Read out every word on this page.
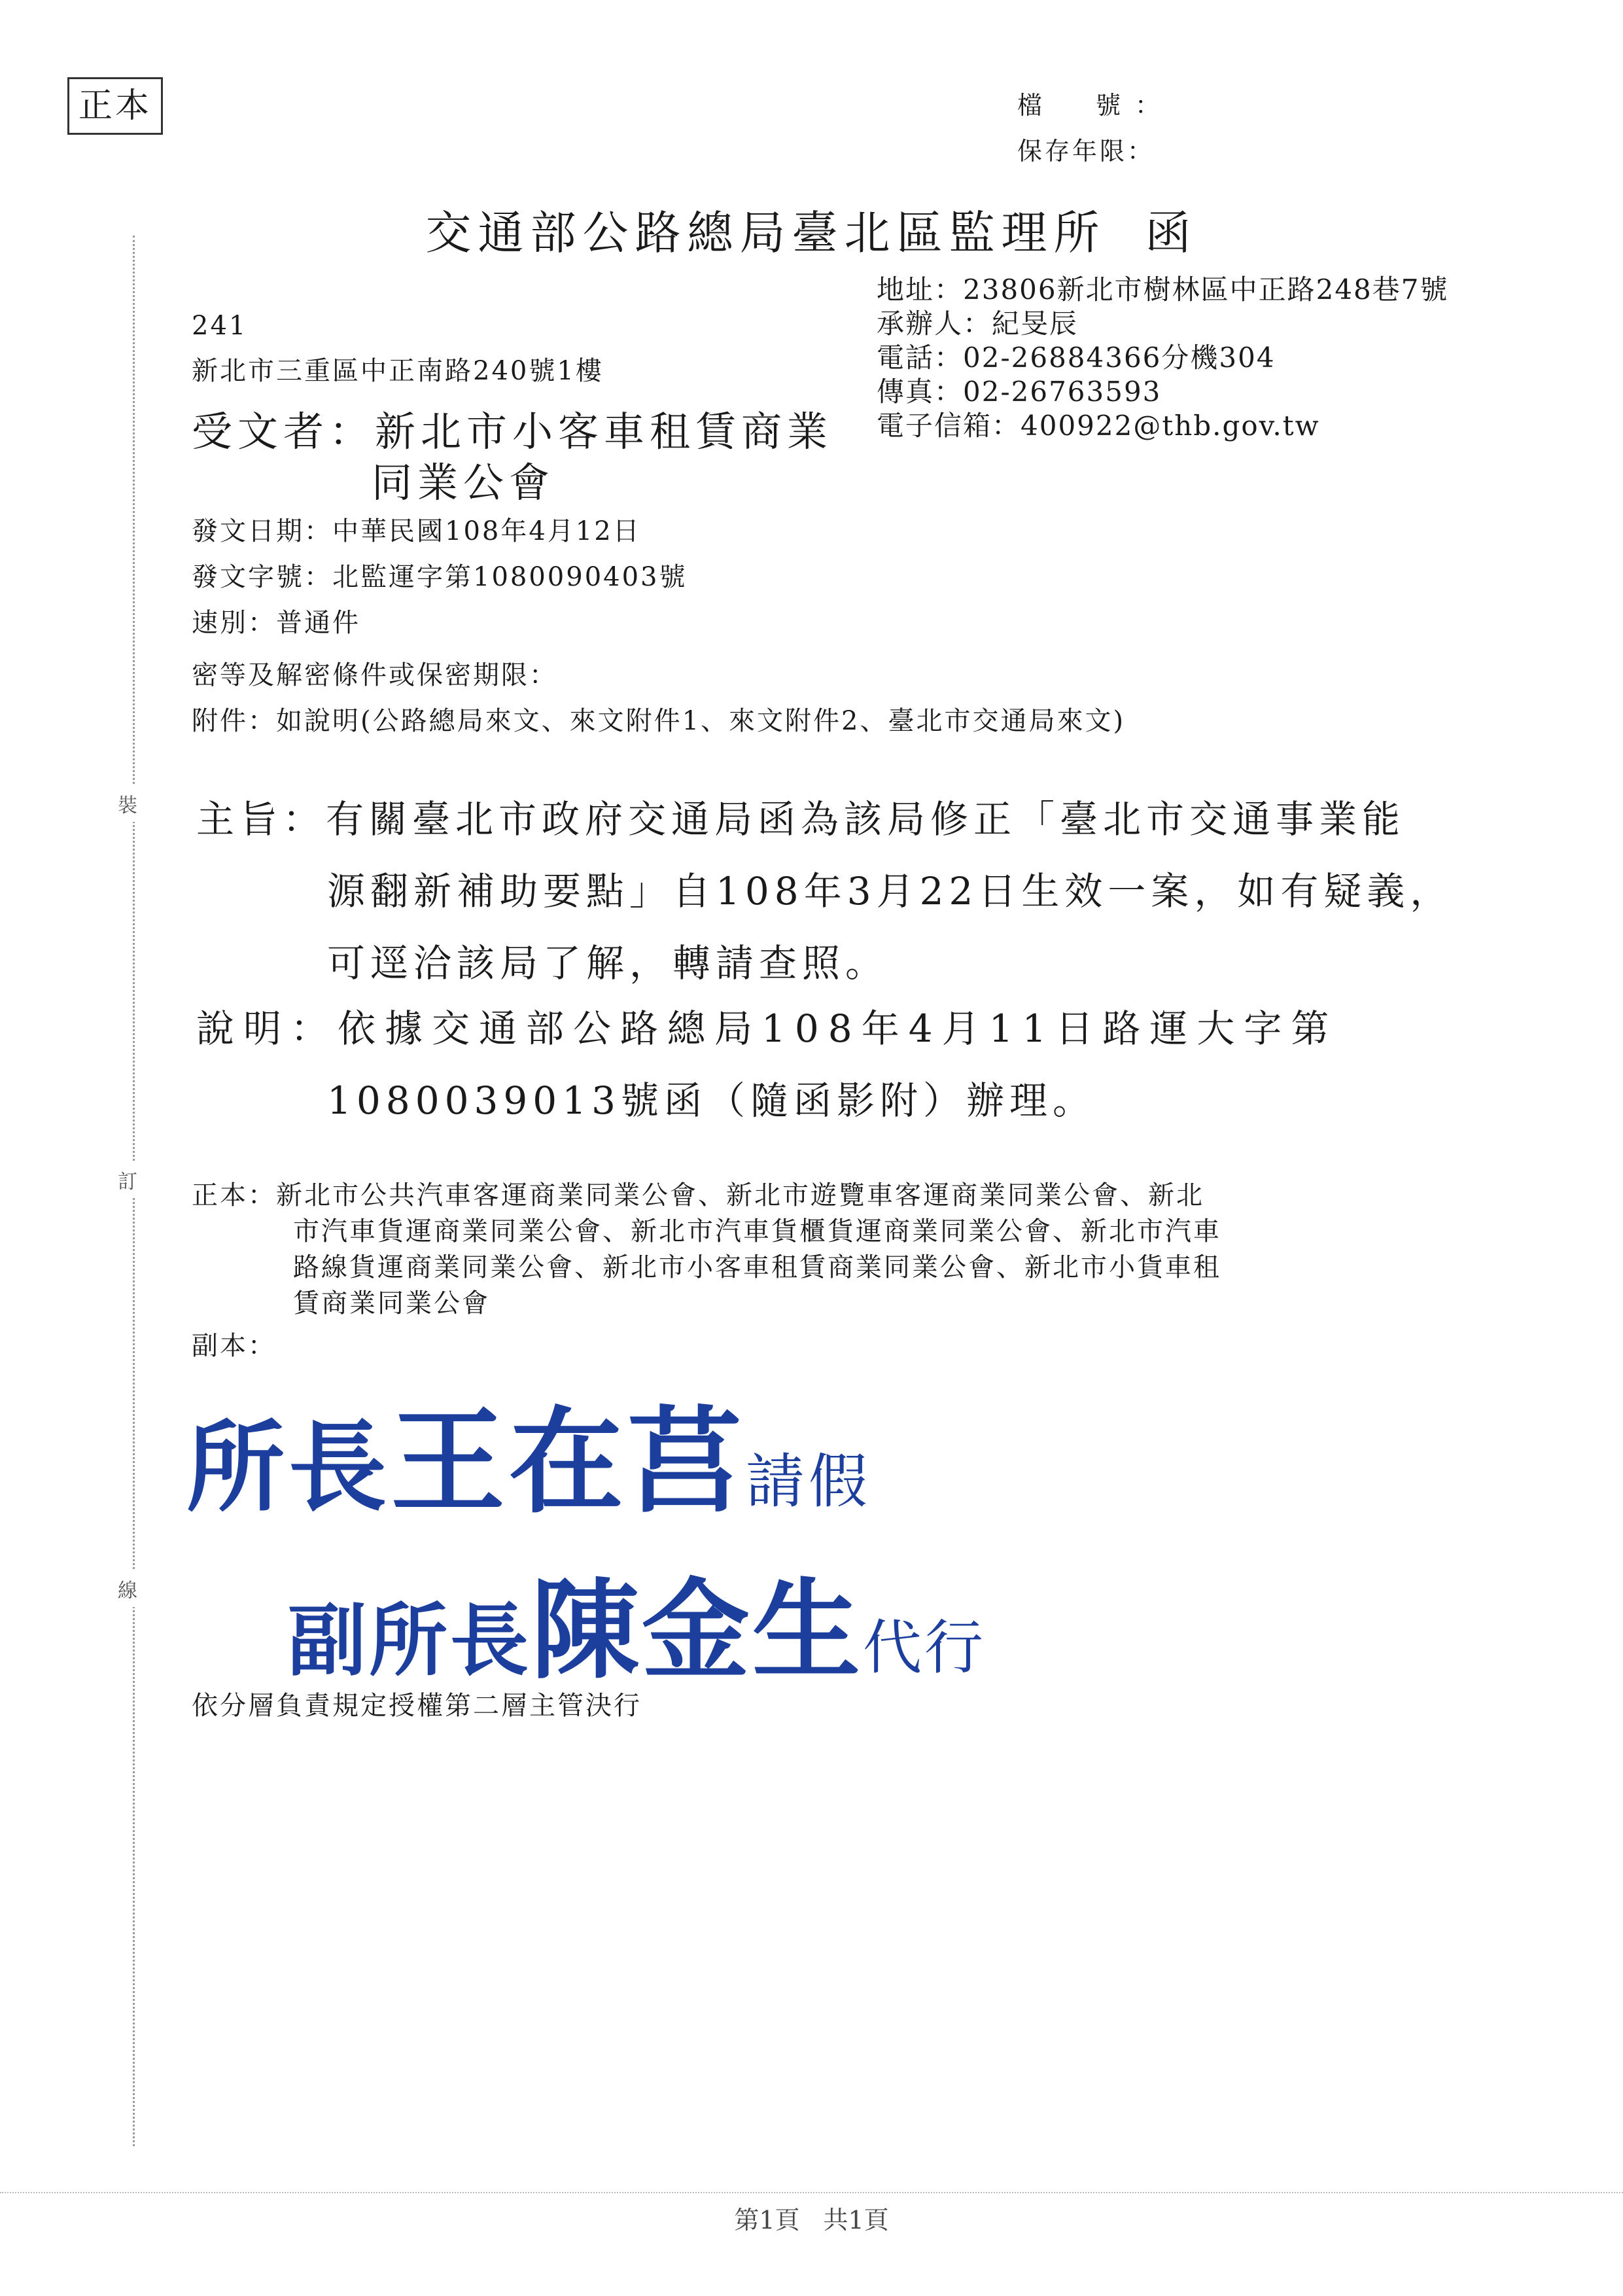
正本	檔　號：
保存年限：
交通部公路總局臺北區監理所 函
地址：23806新北市樹林區中正路248巷7號
承辦人：紀旻辰
電話：02-26884366分機304
傳真：02-26763593
電子信箱：400922@thb.gov.tw
241
新北市三重區中正南路240號1樓
受文者：新北市小客車租賃商業
同業公會
發文日期：中華民國108年4月12日
發文字號：北監運字第1080090403號
速別：普通件
密等及解密條件或保密期限：
附件：如說明(公路總局來文、來文附件1、來文附件2、臺北市交通局來文)
主旨：有關臺北市政府交通局函為該局修正「臺北市交通事業能
源翻新補助要點」自108年3月22日生效一案，如有疑義，
可逕洽該局了解，轉請查照。
說明：依據交通部公路總局108年4月11日路運大字第
1080039013號函（隨函影附）辦理。
正本：新北市公共汽車客運商業同業公會、新北市遊覽車客運商業同業公會、新北
市汽車貨運商業同業公會、新北市汽車貨櫃貨運商業同業公會、新北市汽車
路線貨運商業同業公會、新北市小客車租賃商業同業公會、新北市小貨車租
賃商業同業公會
副本：
所長王在莒請假
副所長陳金生代行
依分層負責規定授權第二層主管決行
裝
訂
線
第1頁 共1頁
